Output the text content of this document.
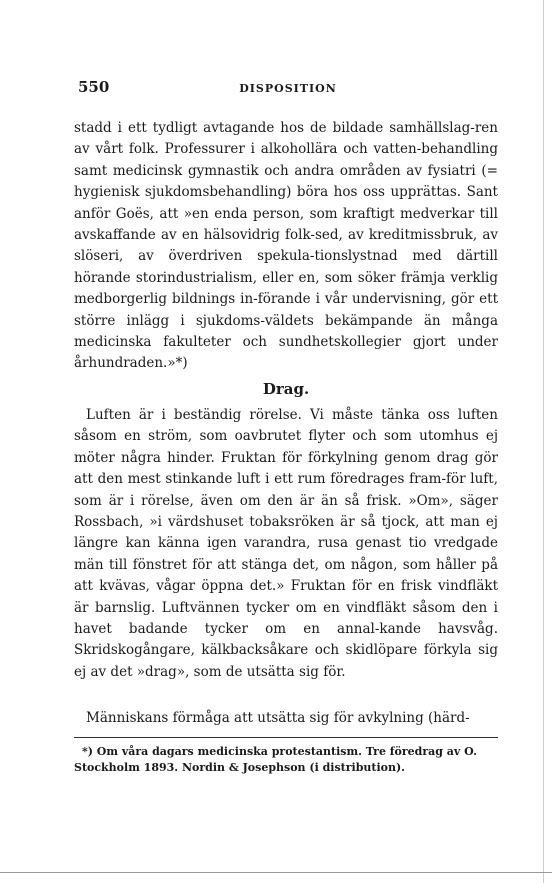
550	DISPOSITION

stadd i ett tydligt avtagande hos de bildade samhällslag-ren av vårt folk. Professurer i alkohollära och vatten-behandling samt medicinsk gymnastik och andra områden av fysiatri (= hygienisk sjukdomsbehandling) böra hos oss upprättas. Sant anför Goës, att »en enda person, som kraftigt medverkar till avskaffande av en hälsovidrig folk-sed, av kreditmissbruk, av slöseri, av överdriven spekula-tionslystnad med därtill hörande storindustrialism, eller en, som söker främja verklig medborgerlig bildnings in-förande i vår undervisning, gör ett större inlägg i sjukdoms-väldets bekämpande än många medicinska fakulteter och sundhetskollegier gjort under århundraden.»*)

Drag.

Luften är i beständig rörelse. Vi måste tänka oss luften såsom en ström, som oavbrutet flyter och som utomhus ej möter några hinder. Fruktan för förkylning genom drag gör att den mest stinkande luft i ett rum föredrages fram-för luft, som är i rörelse, även om den är än så frisk. »Om», säger Rossbach, »i värdshuset tobaksröken är så tjock, att man ej längre kan känna igen varandra, rusa genast tio vredgade män till fönstret för att stänga det, om någon, som håller på att kvävas, vågar öppna det.» Fruktan för en frisk vindfläkt är barnslig. Luftvännen tycker om en vindfläkt såsom den i havet badande tycker om en annal-kande havsvåg. Skridskogångare, kälkbacksåkare och skidlöpare förkyla sig ej av det »drag», som de utsätta sig för.

Människans förmåga att utsätta sig för avkylning (härd-

*) Om våra dagars medicinska protestantism. Tre föredrag av O. Stockholm 1893. Nordin & Josephson (i distribution).
